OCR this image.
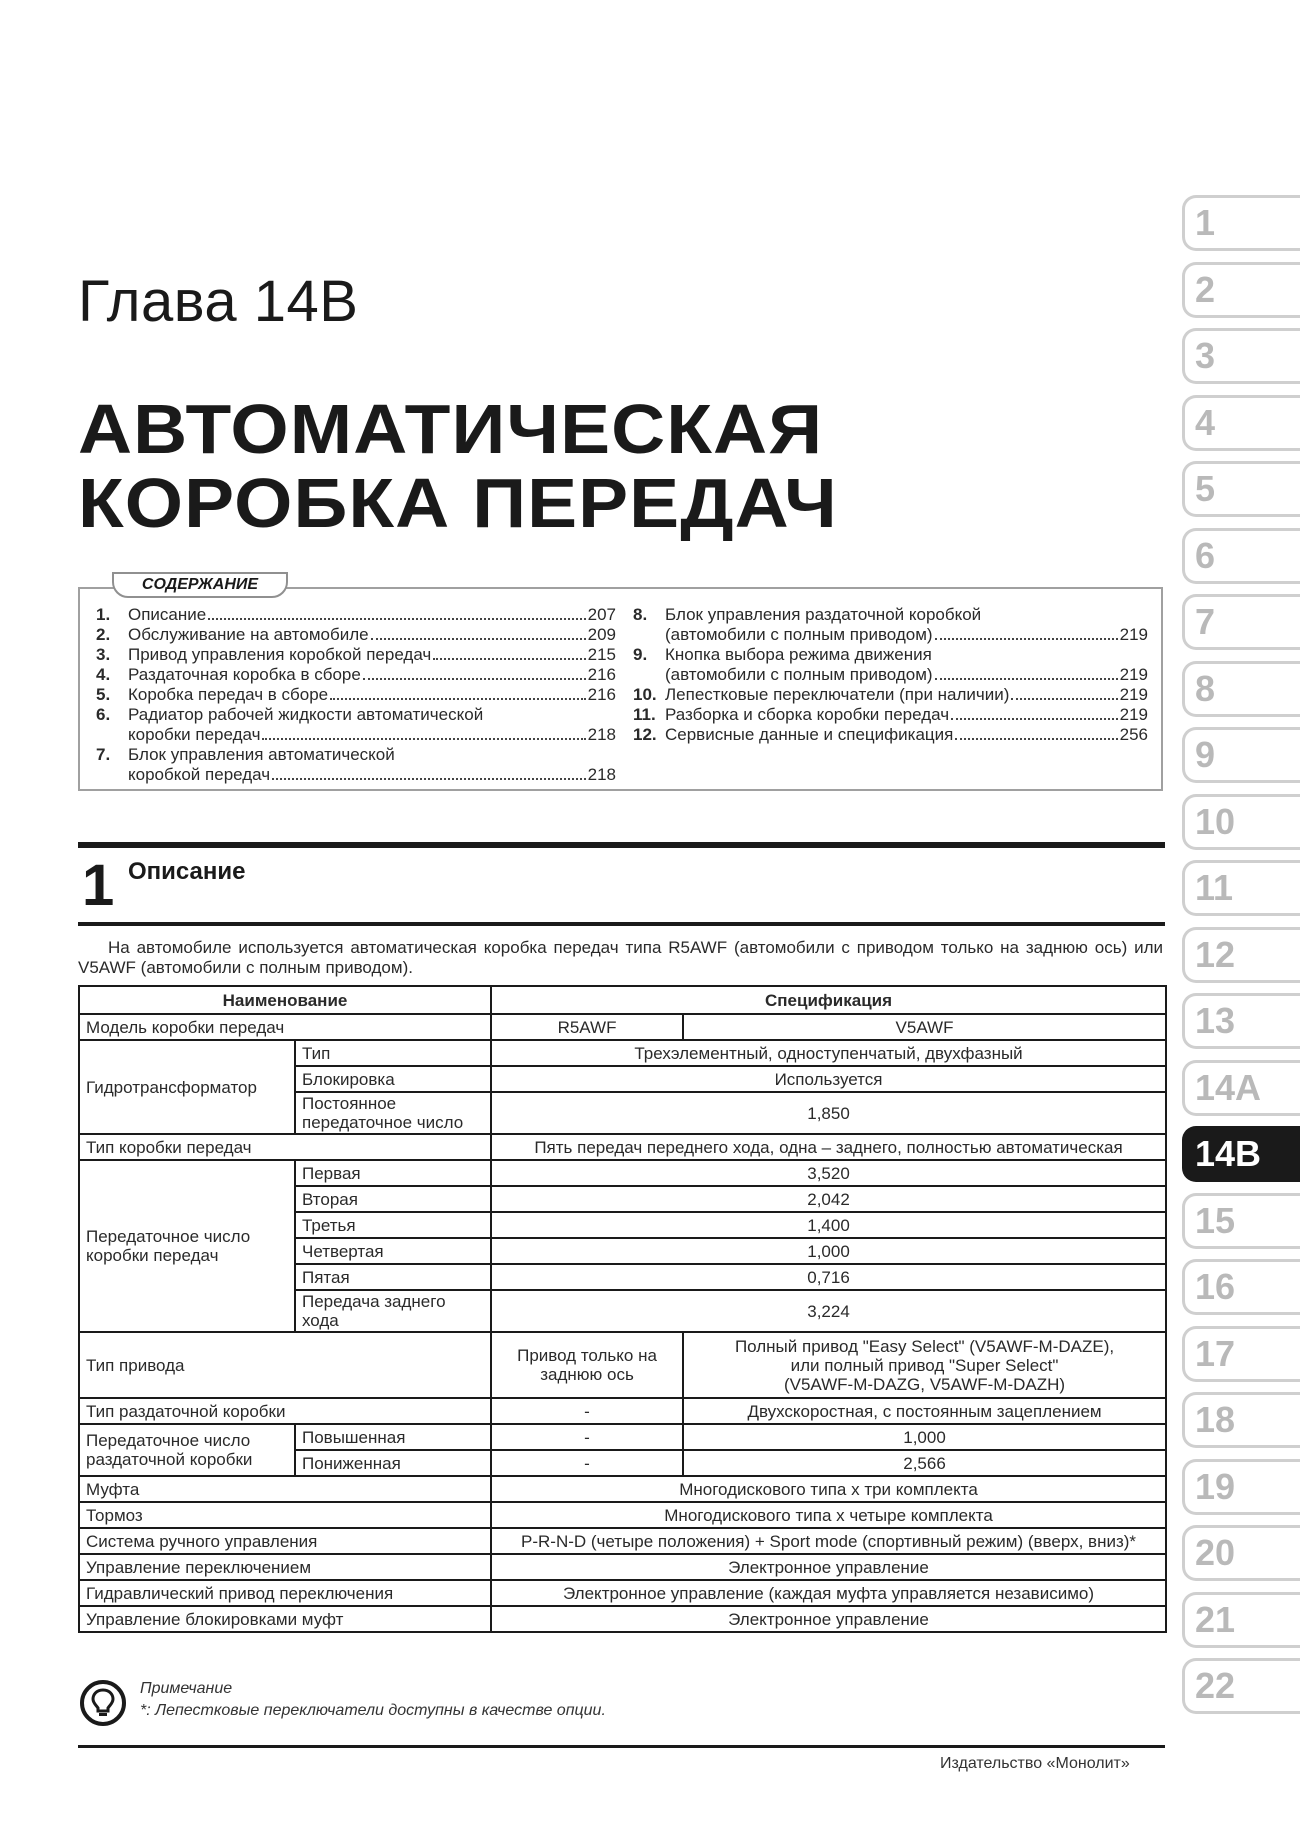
Глава 14В
АВТОМАТИЧЕСКАЯ
КОРОБКА ПЕРЕДАЧ
1.	Описание	207
2.	Обслуживание на автомобиле	209
3.	Привод управления коробкой передач	215
4.	Раздаточная коробка в сборе	216
5.	Коробка передач в сборе	216
6.	Радиатор рабочей жидкости автоматической
коробки передач	218
7.	Блок управления автоматической
коробкой передач	218
8.	Блок управления раздаточной коробкой
(автомобили с полным приводом)	219
9.	Кнопка выбора режима движения
(автомобили с полным приводом)	219
10. Лепестковые переключатели (при наличии)	219
11. Разборка и сборка коробки передач	219
12. Сервисные данные и спецификация	256
СОДЕРЖАНИЕ
1 Описание
На автомобиле используется автоматическая коробка передач типа R5AWF (автомобили с приводом только на заднюю ось) или V5AWF (автомобили с полным приводом).
Наименование		Спецификация	
Модель коробки передач		R5AWF	V5AWF
Гидротрансформатор	Тип	Трехэлементный, одноступенчатый, двухфазный	
	Блокировка	Используется	
	Постоянное передаточное число	1,850	
Тип коробки передач		Пять передач переднего хода, одна – заднего, полностью автоматическая	
Передаточное число коробки передач	Первая	3,520	
	Вторая	2,042	
	Третья	1,400	
	Четвертая	1,000	
	Пятая	0,716	
	Передача заднего хода	3,224	
Тип привода		Привод только на заднюю ось	Полный привод "Easy Select" (V5AWF-M-DAZE),
или полный привод "Super Select"
(V5AWF-M-DAZG, V5AWF-M-DAZH)

Тип раздаточной коробки		-	Двухскоростная, с постоянным зацеплением
Передаточное число раздаточной коробки	Повышенная	-	1,000
	Пониженная	-	2,566
Муфта		Многодискового типа х три комплекта	
Тормоз		Многодискового типа х четыре комплекта	
Система ручного управления		P-R-N-D (четыре положения) + Sport mode (спортивный режим) (вверх, вниз)*	
Управление переключением		Электронное управление	
Гидравлический привод переключения		Электронное управление (каждая муфта управляется независимо)	
Управление блокировками муфт		Электронное управление	
Примечание
*: Лепестковые переключатели доступны в качестве опции.
Издательство «Монолит»
1
2
3
4
5
6
7
8
9
10
11
12
13
14А
14В
15
16
17
18
19
20
21
22
